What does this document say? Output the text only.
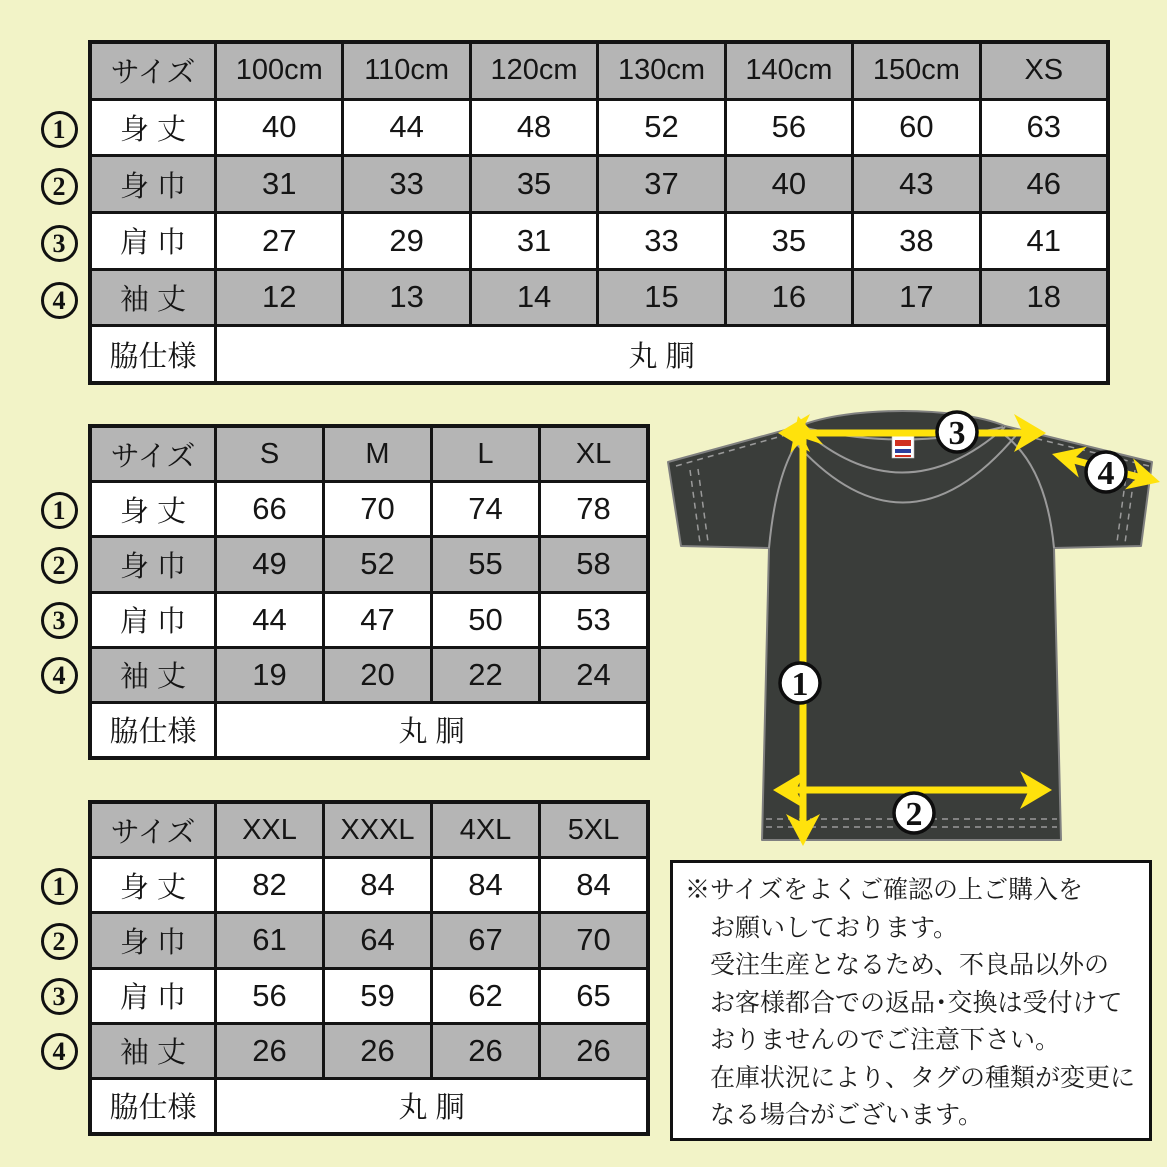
1
2
3
4
サイズ	100cm	110cm	120cm	130cm	140cm	150cm	XS
身 丈	40	44	48	52	56	60	63
身 巾	31	33	35	37	40	43	46
肩 巾	27	29	31	33	35	38	41
袖 丈	12	13	14	15	16	17	18
脇仕様	丸 胴
1
2
3
4
サイズ	S	M	L	XL
身 丈	66	70	74	78
身 巾	49	52	55	58
肩 巾	44	47	50	53
袖 丈	19	20	22	24
脇仕様	丸 胴
1
2
3
4
サイズ	XXL	XXXL	4XL	5XL
身 丈	82	84	84	84
身 巾	61	64	67	70
肩 巾	56	59	62	65
袖 丈	26	26	26	26
脇仕様	丸 胴
3
4
1
2
※サイズをよくご確認の上ご購入を
お願いしております。
受注生産となるため、不良品以外の
お客様都合での返品･交換は受付けて
おりませんのでご注意下さい。
在庫状況により、タグの種類が変更に
なる場合がございます。
